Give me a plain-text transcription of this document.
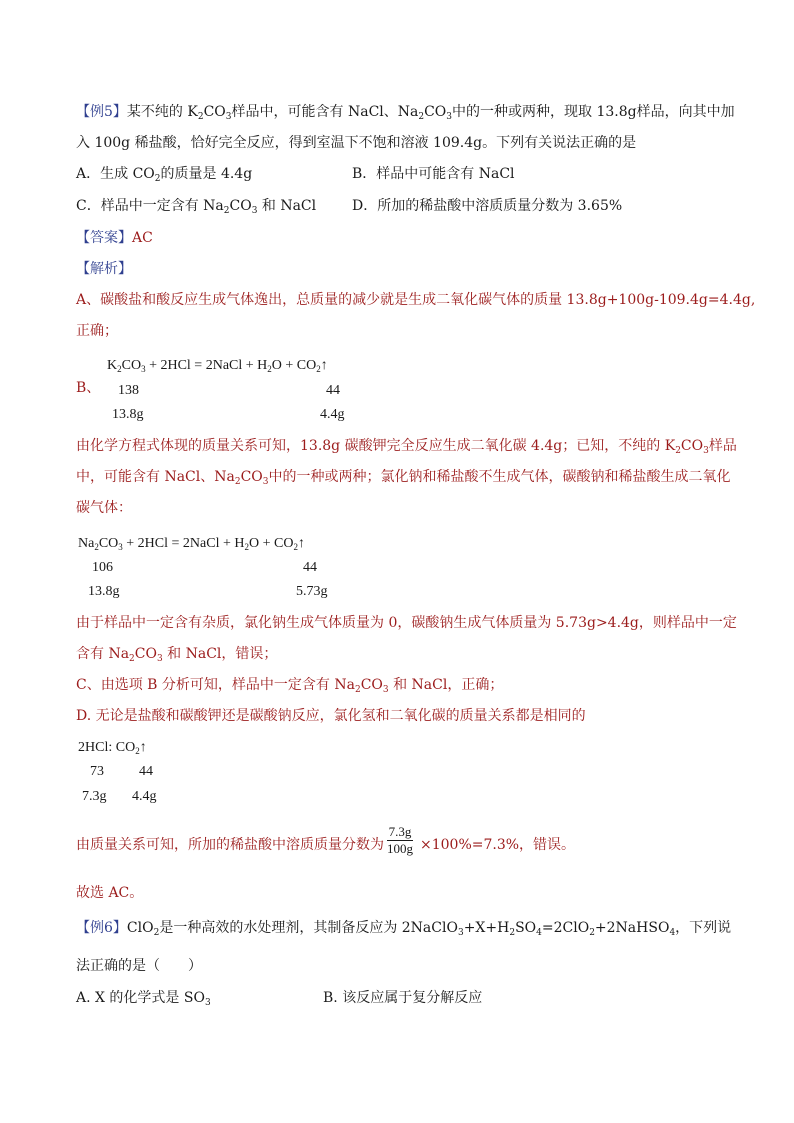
【例5】某不纯的 $K_2CO_3$样品中，可能含有 NaCl、$Na_2CO_3$中的一种或两种，现取 13.8g样品，向其中加
入 100g 稀盐酸，恰好完全反应，得到室温下不饱和溶液 109.4g。下列有关说法正确的是
A．生成 $CO_2$的质量是 4.4g	B．样品中可能含有 NaCl
C．样品中一定含有 $Na_2CO_3$ 和 NaCl	D．所加的稀盐酸中溶质质量分数为 3.65%
【答案】AC
【解析】
A、碳酸盐和酸反应生成气体逸出，总质量的减少就是生成二氧化碳气体的质量 13.8g+100g-109.4g=4.4g,
正确；
B、
$K_2CO_3 + 2HCl$ = 2NaCl + $H_2O$ + $CO_2↑$
138	44
13.8g	4.4g
由化学方程式体现的质量关系可知，13.8g 碳酸钾完全反应生成二氧化碳 4.4g；已知，不纯的 $K_2CO_3$样品
中，可能含有 NaCl、$Na_2CO_3$中的一种或两种；氯化钠和稀盐酸不生成气体，碳酸钠和稀盐酸生成二氧化
碳气体：
$Na_2CO_3 + 2HCl$ = 2NaCl + $H_2O$ + $CO_2↑$
106	44
13.8g	5.73g
由于样品中一定含有杂质，氯化钠生成气体质量为 0，碳酸钠生成气体质量为 5.73g>4.4g，则样品中一定
含有 $Na_2CO_3$ 和 NaCl，错误；
C、由选项 B 分析可知，样品中一定含有 $Na_2CO_3$ 和 NaCl，正确；
D. 无论是盐酸和碳酸钾还是碳酸钠反应，氯化氢和二氧化碳的质量关系都是相同的
2HCl: $CO_2↑$
73	44
7.3g 4.4g
由质量关系可知，所加的稀盐酸中溶质质量分数为 $\frac{7.3g}{100g} \times 100\%=7.3\%$，错误。
故选 AC。
【例6】ClO$_2$是一种高效的水处理剂，其制备反应为 $2NaClO_3+X+H_2SO_4=2ClO_2+2NaHSO_4$，下列说
法正确的是（　　）
A. X 的化学式是 $SO_3$	B. 该反应属于复分解反应
